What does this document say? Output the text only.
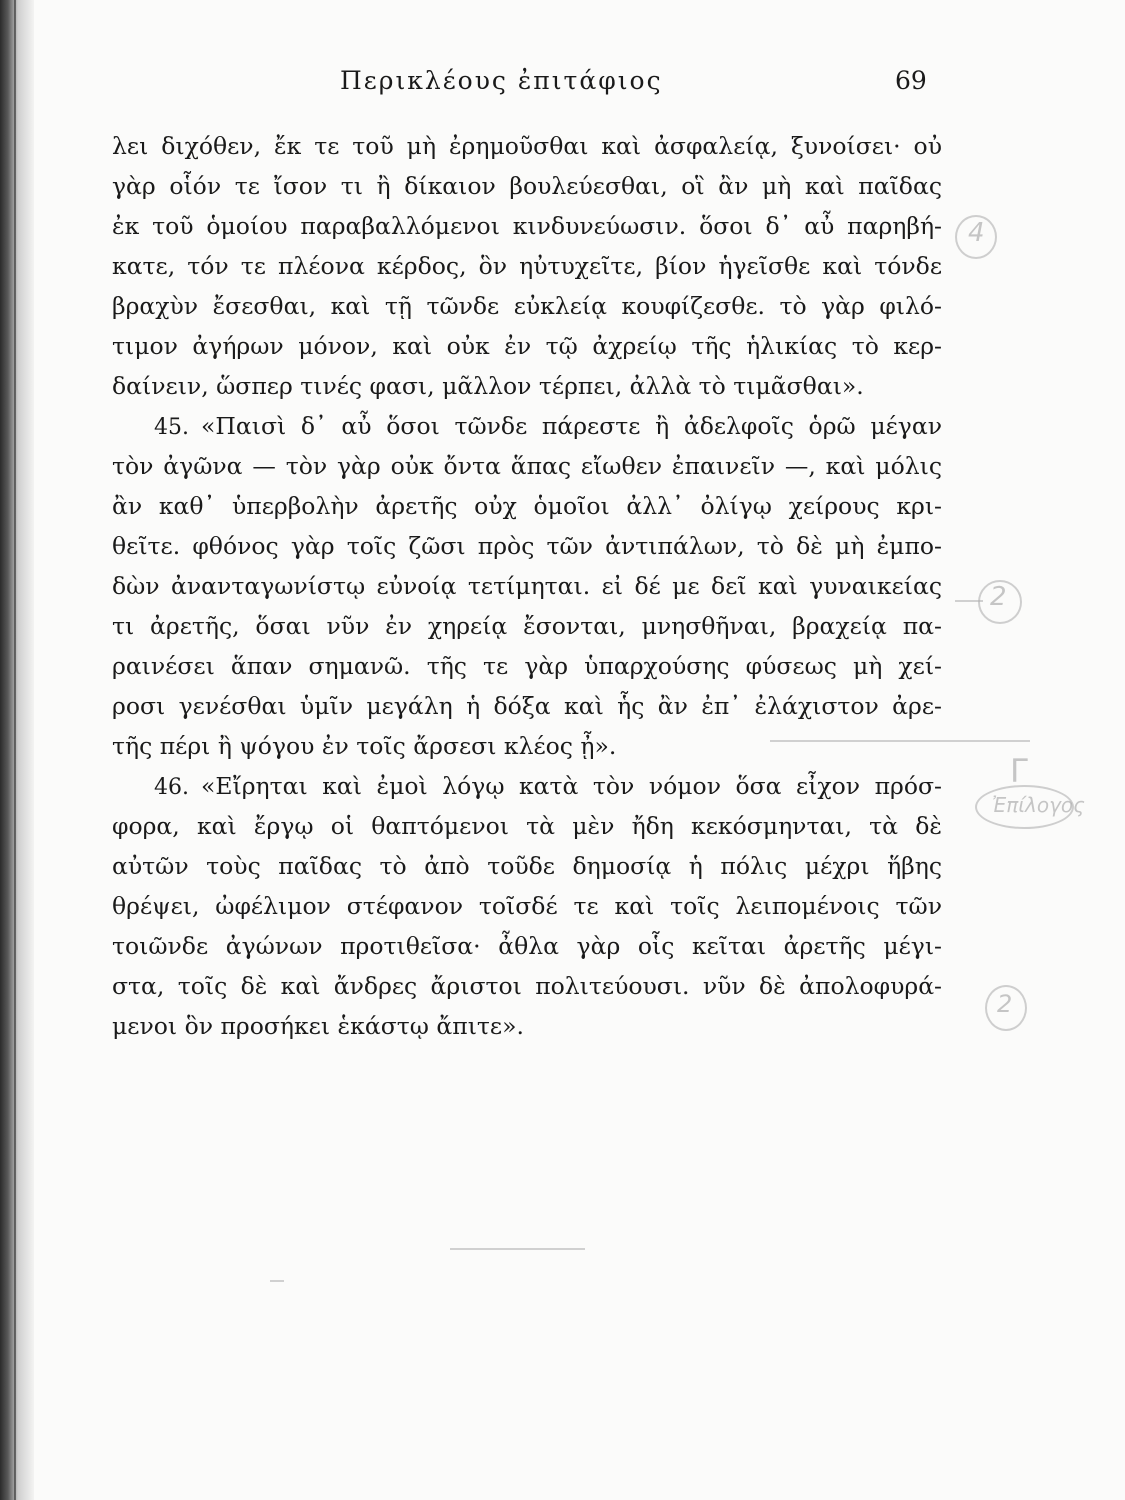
Περικλέους ἐπιτάφιος	69
λει διχόθεν, ἔκ τε τοῦ μὴ ἐρημοῦσθαι καὶ ἀσφαλείᾳ, ξυνοίσει· οὐ
γὰρ οἷόν τε ἴσον τι ἢ δίκαιον βουλεύεσθαι, οἳ ἂν μὴ καὶ παῖδας
ἐκ τοῦ ὁμοίου παραβαλλόμενοι κινδυνεύωσιν. ὅσοι δ᾽ αὖ παρηβή-
κατε, τόν τε πλέονα κέρδος, ὃν ηὐτυχεῖτε, βίον ἡγεῖσθε καὶ τόνδε
βραχὺν ἔσεσθαι, καὶ τῇ τῶνδε εὐκλείᾳ κουφίζεσθε. τὸ γὰρ φιλό-
τιμον ἀγήρων μόνον, καὶ οὐκ ἐν τῷ ἀχρείῳ τῆς ἡλικίας τὸ κερ-
δαίνειν, ὥσπερ τινές φασι, μᾶλλον τέρπει, ἀλλὰ τὸ τιμᾶσθαι».
45. «Παισὶ δ᾽ αὖ ὅσοι τῶνδε πάρεστε ἢ ἀδελφοῖς ὁρῶ μέγαν
τὸν ἀγῶνα — τὸν γὰρ οὐκ ὄντα ἅπας εἴωθεν ἐπαινεῖν —, καὶ μόλις
ἂν καθ᾽ ὑπερβολὴν ἀρετῆς οὐχ ὁμοῖοι ἀλλ᾽ ὀλίγῳ χείρους κρι-
θεῖτε. φθόνος γὰρ τοῖς ζῶσι πρὸς τῶν ἀντιπάλων, τὸ δὲ μὴ ἐμπο-
δὼν ἀνανταγωνίστῳ εὐνοίᾳ τετίμηται. εἰ δέ με δεῖ καὶ γυναικείας
τι ἀρετῆς, ὅσαι νῦν ἐν χηρείᾳ ἔσονται, μνησθῆναι, βραχείᾳ πα-
ραινέσει ἅπαν σημανῶ. τῆς τε γὰρ ὑπαρχούσης φύσεως μὴ χεί-
ροσι γενέσθαι ὑμῖν μεγάλη ἡ δόξα καὶ ἧς ἂν ἐπ᾽ ἐλάχιστον ἀρε-
τῆς πέρι ἢ ψόγου ἐν τοῖς ἄρσεσι κλέος ᾖ».
46. «Εἴρηται καὶ ἐμοὶ λόγῳ κατὰ τὸν νόμον ὅσα εἶχον πρόσ-
φορα, καὶ ἔργῳ οἱ θαπτόμενοι τὰ μὲν ἤδη κεκόσμηνται, τὰ δὲ
αὐτῶν τοὺς παῖδας τὸ ἀπὸ τοῦδε δημοσίᾳ ἡ πόλις μέχρι ἥβης
θρέψει, ὠφέλιμον στέφανον τοῖσδέ τε καὶ τοῖς λειπομένοις τῶν
τοιῶνδε ἀγώνων προτιθεῖσα· ἆθλα γὰρ οἷς κεῖται ἀρετῆς μέγι-
στα, τοῖς δὲ καὶ ἄνδρες ἄριστοι πολιτεύουσι. νῦν δὲ ἀπολοφυρά-
μενοι ὃν προσήκει ἑκάστῳ ἄπιτε».
4
2
Γ
Ἐπίλογος
2
